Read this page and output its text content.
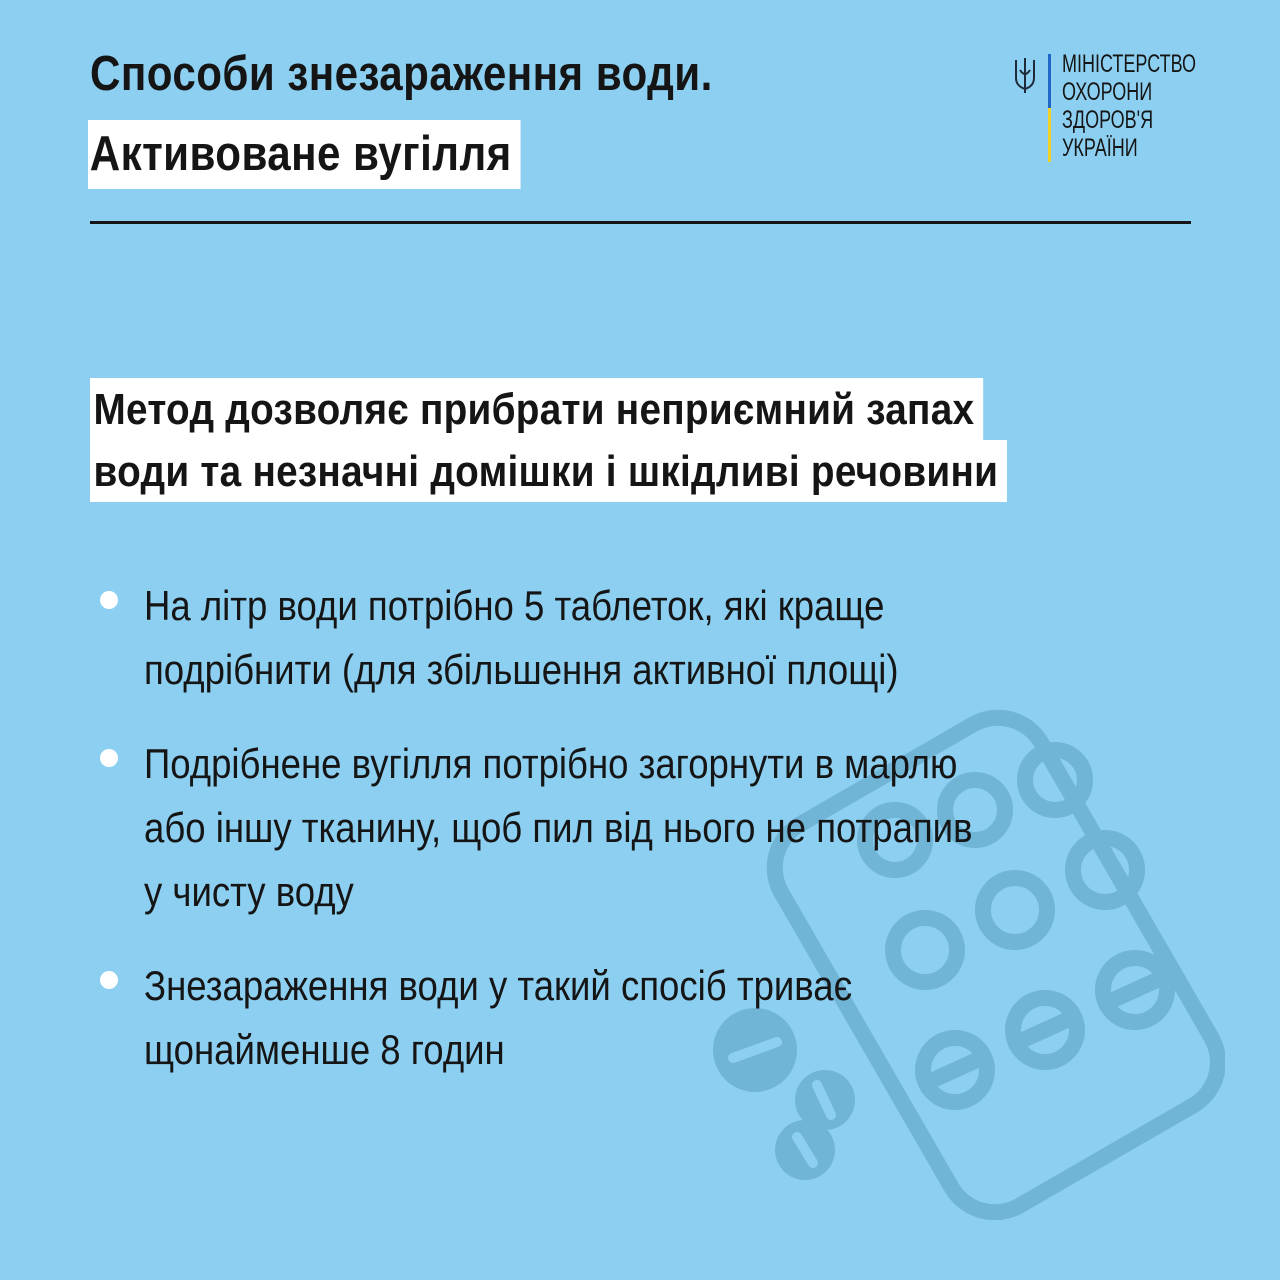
Способи знезараження води.
Активоване вугілля
МІНІСТЕРСТВО
ОХОРОНИ
ЗДОРОВ'Я
УКРАЇНИ
Метод дозволяє прибрати неприємний запах
води та незначні домішки і шкідливі речовини
На літр води потрібно 5 таблеток, які краще
подрібнити (для збільшення активної площі)
Подрібнене вугілля потрібно загорнути в марлю
або іншу тканину, щоб пил від нього не потрапив
у чисту воду
Знезараження води у такий спосіб триває
щонайменше 8 годин
